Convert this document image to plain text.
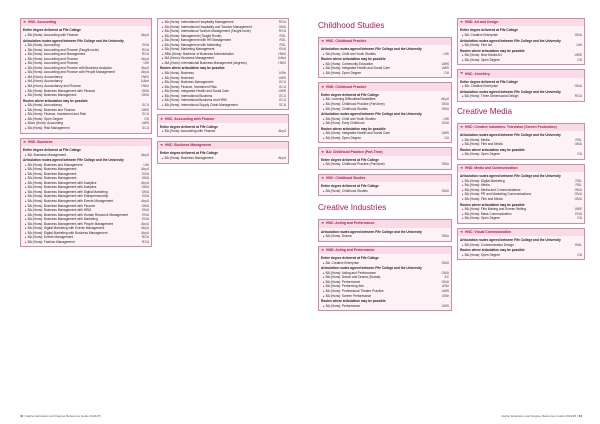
➔ HNC: Accounting
Entire degree delivered at Fife College
▸ BA (Hons): Accounting with Finance	AbyU
Articulation routes agreed between Fife College and the University
▸ BA (Hons): Accounting	ENU
▸ BA (Hons): Accounting and Finance (Taught route)	RGU
▸ BA (Hons): Accounting and Management	RGU
▸ BA (Hons): Accounting and Finance	AbyU
▸ BA (Hons): Accounting and Finance	UHI
▸ BA (Hons): Accounting and Finance with Business Analytics	AbyU
▸ BA (Hons): Accounting and Finance with People Management	AbyU
▸ MA (Hons): Accountancy	HWU
▸ MA (Hons): Accountancy	UAbd
▸ MA (Hons): Accountancy and Finance	HWU
▸ BA (Hons): Business Management with Finance	GMU
▸ BA (Hons): Business Management	GMU
Routes where articulation may be possible
▸ BA (Hons): Accountancy	GCU
▸ BA (Hons): Business and Finance	UWS
▸ BA (Hons): Finance, Investment and Risk	GCU
▸ BA (Hons): Open Degree	OU
▸ BAcc (Hons): Accounting	UWS
▸ BA (Hons): Risk Management	GCU
➔ HNC: Business
Entire degree delivered at Fife College
▸ BA: Business Management	AbyU
Articulation routes agreed between Fife College and the University
▸ BA (Hons): Business and Management	UHI
▸ BA (Hons): Business Management	AbyU
▸ BA (Hons): Business Management	ENU
▸ BA (Hons): Business Management	GMU
▸ BA (Hons): Business Management with Analytics	AbyU
▸ BA (Hons): Business Management with Analytics	GMU
▸ BA (Hons): Business Management with Digital Marketing	GMU
▸ BA (Hons): Business Management with Entrepreneurship	ENU
▸ BA (Hons): Business Management with Events Management	AbyU
▸ BA (Hons): Business Management with Finance	GMU
▸ BA (Hons): Business Management with HRM	GMU
▸ BA (Hons): Business Management with Human Resource Management	ENU
▸ BA (Hons): Business Management with Marketing	ENU
▸ BA (Hons): Business Management with People Management	AbyU
▸ BA (Hons): Digital Marketing with Events Management	AbyU
▸ BA (Hons): Digital Marketing with Business Management	AbyU
▸ BA (Hons): Events Management	RGU
▸ BA (Hons): Fashion Management	RGU
▸ BA (Hons): International Hospitality Management	RGU
▸ BA (Hons): International Hospitality and Tourism Management	GMU
▸ BA (Hons): International Tourism Management (Taught route)	RGU
▸ BA (Hons): Management (Taught Route)	RGL
▸ BA (Hons): Management with HR Management	RGL
▸ BA (Hons): Management with Marketing	RGL
▸ BA (Hons): Marketing Management	ENU
▸ BBA (Hons): Bachelor of Business Administration	HWU
▸ MA (Hons): Business Management	UAbd
▸ MA (Hons): International Business Management (degrees)	HWU
Routes where articulation may be possible
▸ BA (Hons): Business	UStir
▸ BA (Hons): Business	UWS
▸ BA (Hons): Business Management	GCU
▸ BA (Hons): Finance, Investment Risk	GCU
▸ BA (Hons): Integrated Health and Social Care	UWS
▸ BA (Hons): International Business	GCU
▸ BA (Hons): International Business and HRM	GCU
▸ BA (Hons): International Supply Chain Management	GCU
➔ HNC: Accounting with Finance
Entire degree delivered at Fife College
▸ BA (Hons): Accounting with Finance	AbyU
➔ HNC: Business Management
Entire degree delivered at Fife College
▸ BA (Hons): Business Management	AbyU
Childhood Studies
➔ HNC: Childhood Practice
Articulation routes agreed between Fife College and the University
▸ BA (Hons): Child and Youth Studies	UHI
Routes where articulation may be possible
▸ BA (Hons): Community Education	UWS
▸ BA (Hons): Integrated Health and Social Care	UWS
▸ BA (Hons): Open Degree	OU
➔ HND: Childhood Practice
Entire degree delivered at Fife College
▸ BA: Learning Difficulties/Disabilities	AbyU
▸ BA (Hons): Childhood Practice (Part-time)	GMU
▸ BA (Hons): Childhood Studies	GMU
Articulation routes agreed between Fife College and the University
▸ BA (Hons): Child and Youth Studies	UHI
▸ BA (Hons): Early Childhood	ENU
Routes where articulation may be possible
▸ BA (Hons): Integrated Health and Social Care	UWS
▸ BA (Hons): Open Degree	OU
➔ BA: Childhood Practice (Part-Time)
Entire degree delivered at Fife College
▸ BA (Hons): Childhood Practice (Part-time)	GMU
➔ HNC: Childhood Studies
Entire degree delivered at Fife College
▸ BA (Hons): Childhood Studies	GMU
Creative Industries
➔ HNC: Acting and Performance
Articulation routes agreed between Fife College and the University
▸ BA (Hons): Drama	GMU
➔ HND: Acting and Performance
Entire degree delivered at Fife College
▸ BA: Creative Enterprise	GMU
Articulation routes agreed between Fife College and the University
▸ BA (Hons): Acting and Performance	GMU
▸ BA (Hons): Dance and Drama (Drama)	EC
▸ BA (Hons): Performance	GMU
▸ BA (Hons): Performing Arts	UStir
▸ BA (Hons): Professional Theatre Practice	UWS
▸ BA (Hons): Screen Performance	UStir
Routes where articulation may be possible
▸ BA (Hons): Performance	UWS
➔ HND: Art and Design
Entire degree delivered at Fife College
▸ BA: Creative Enterprise	GMU
Articulation routes agreed between Fife College and the University
▸ BA (Hons): Fine Art	UHI
Routes where articulation may be possible
▸ BA (Hons): New Media Art	UWS
▸ BA (Hons): Open Degree	OU
➔ HNC: Jewellery
Entire degree delivered at Fife College
▸ BA: Creative Enterprise	GMU
Articulation routes agreed between Fife College and the University
▸ BA (Hons): Three Dimensional Design	RGU
Creative Media
➔ HNC: Creative Industries: Television (Screen Production)
Articulation routes agreed between Fife College and the University
▸ BA (Hons): Media	RGL
▸ BA (Hons): Film and Media	GMU
Routes where articulation may be possible
▸ BA (Hons): Open Degree	OU
➔ HND: Media and Communication
Articulation routes agreed between Fife College and the University
▸ BA (Hons): Digital Marketing	RGL
▸ BA (Hons): Media	RGL
▸ BA (Hons): Media and Communications	GMU
▸ BA (Hons): PR and Marketing Communications	GMU
▸ BA (Hons): Film and Media	GMU
Routes where articulation may be possible
▸ BA (Hons): Film Making and Screen Writing	UWE
▸ BA (Hons): Mass Communication	ENU
▸ BA (Hons): Open Degree	OU
➔ HNC: Visual Communication
Articulation routes agreed between Fife College and the University
▸ BA (Hons): Communication Design	HWL
Routes where articulation may be possible
▸ BA (Hons): Open Degree	OU
32 | Higher Education and Degree Reference Guide 2024/25	Higher Education and Degree Reference Guide 2024/25 | 33
